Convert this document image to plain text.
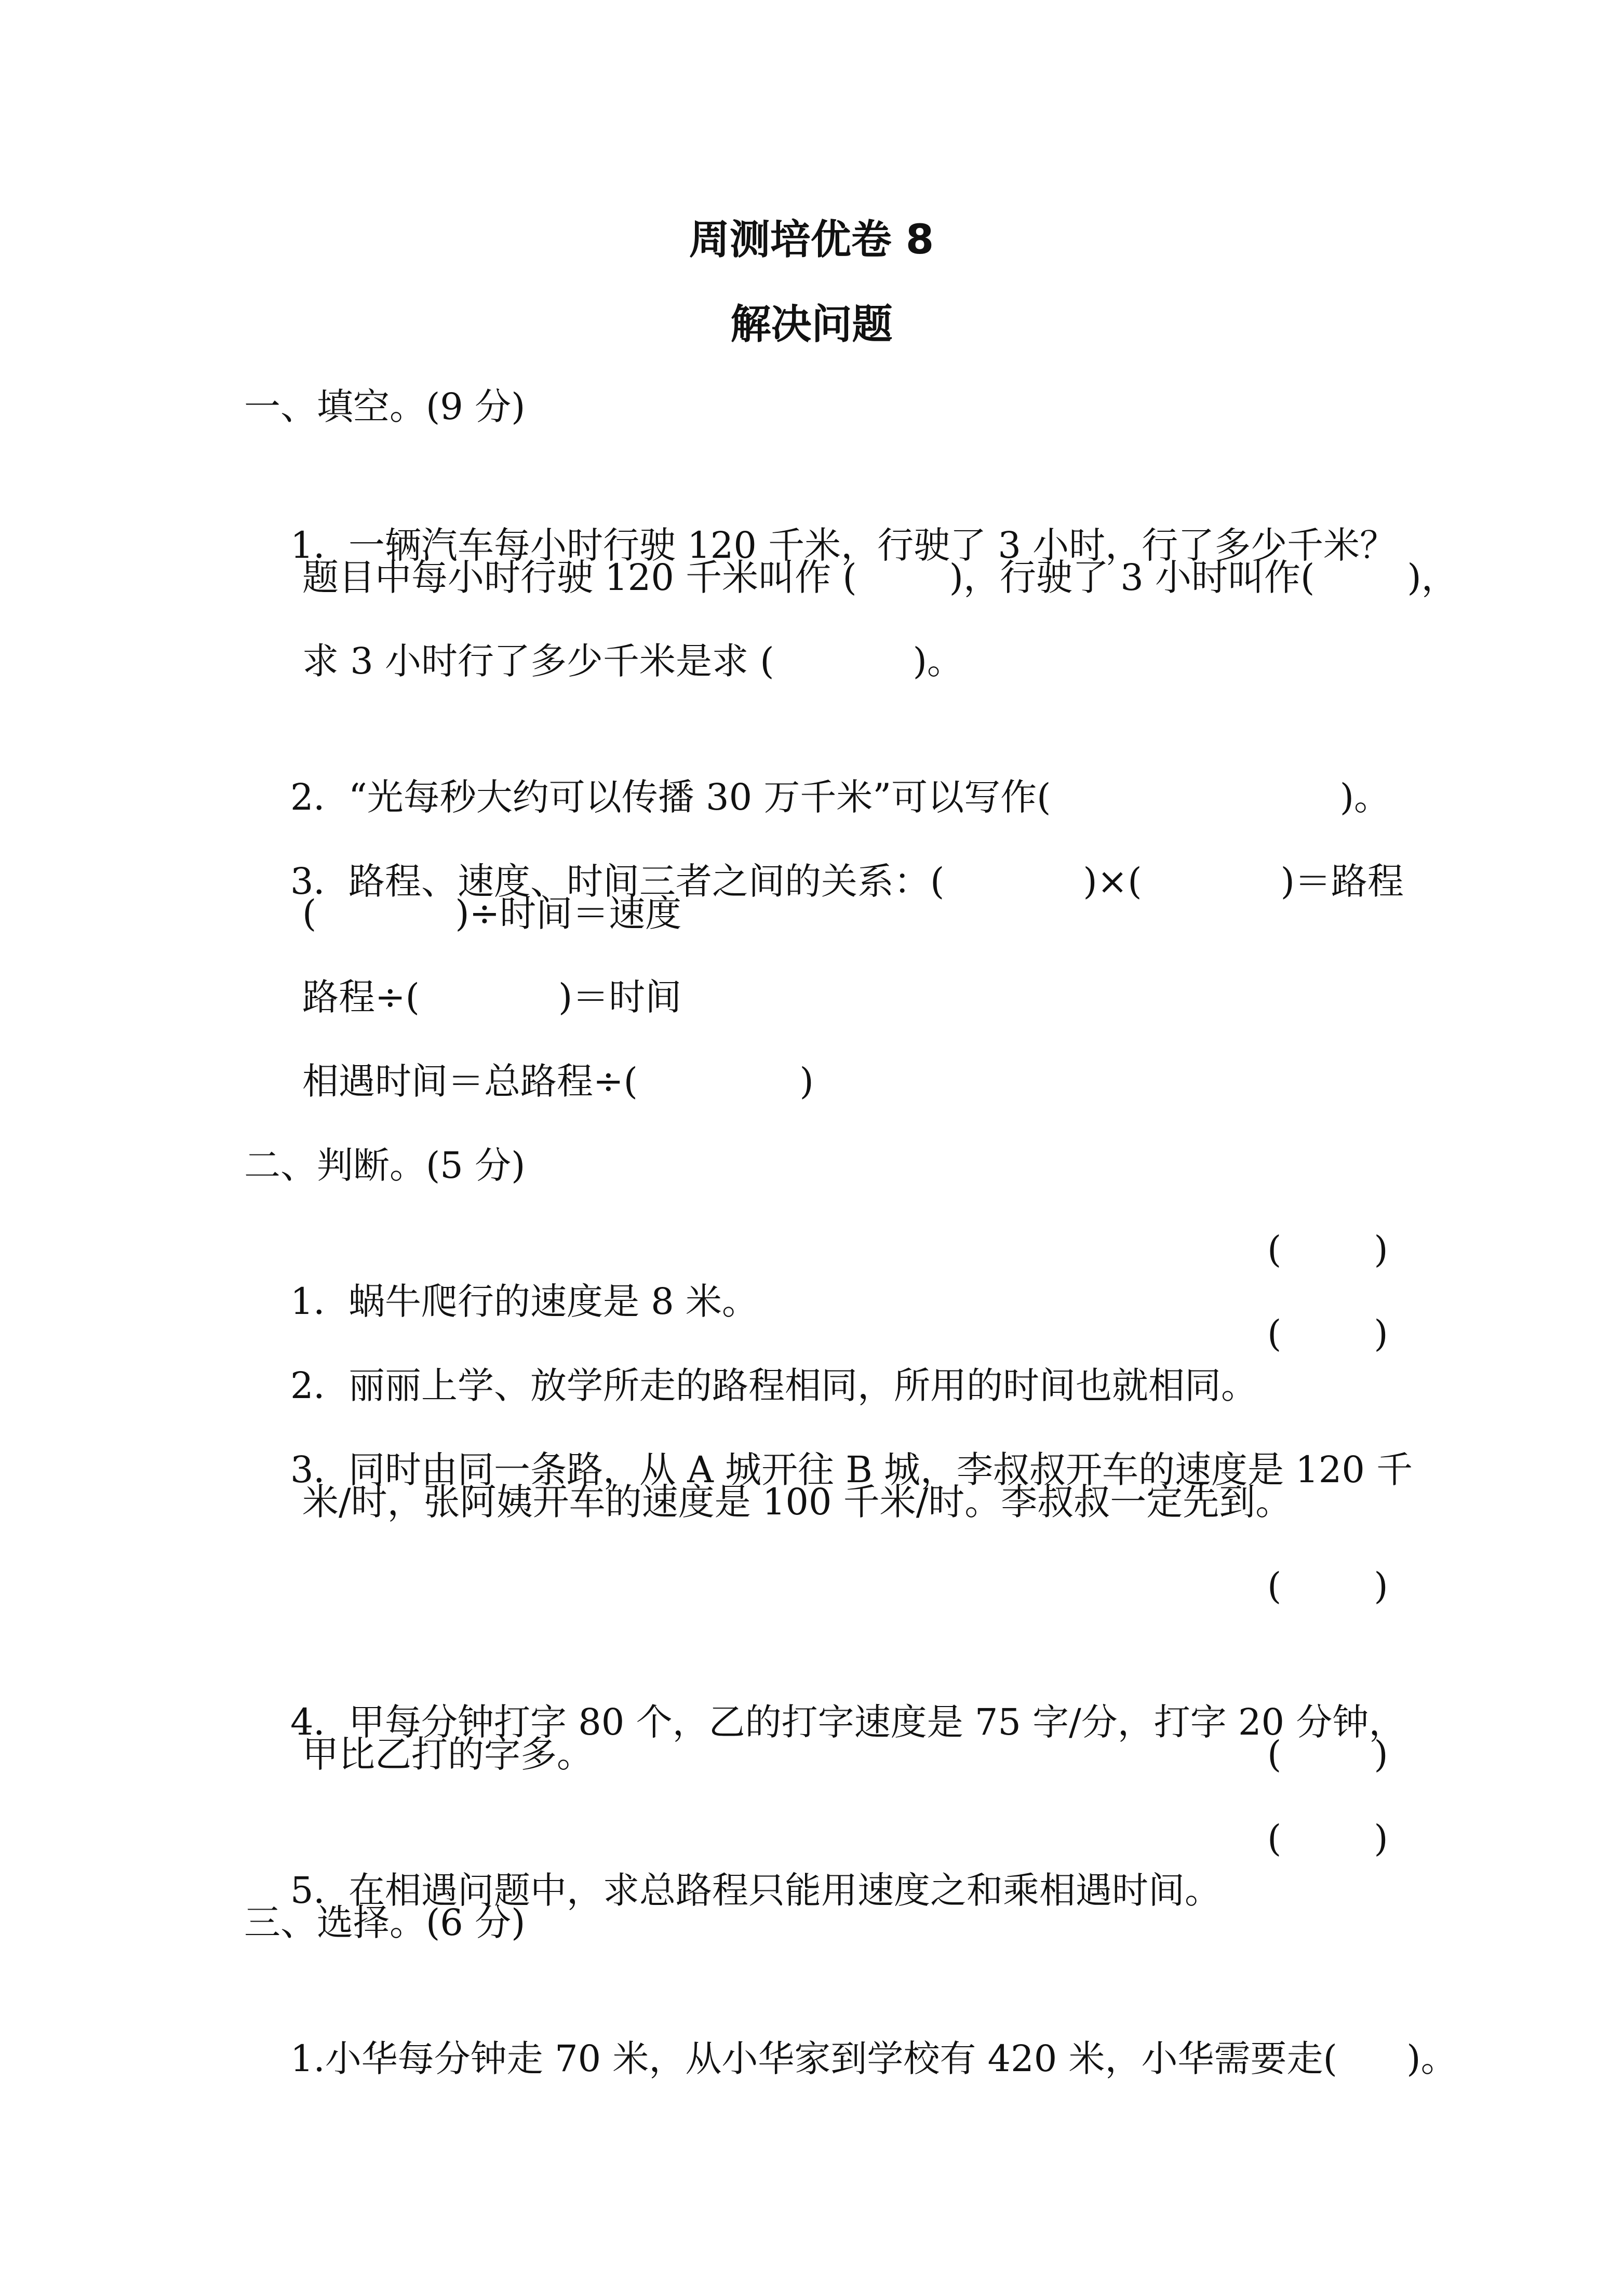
周测培优卷 8
解决问题
一、填空。(9 分)

1．一辆汽车每小时行驶 120 千米，行驶了 3 小时，行了多少千米？

题目中每小时行驶 120 千米叫作 (        )，行驶了 3 小时叫作(        )，
求 3 小时行了多少千米是求 (            )。

2．“光每秒大约可以传播 30 万千米”可以写作(                         )。

3．路程、速度、时间三者之间的关系：(            )×(            )＝路程

(            )÷时间＝速度
路程÷(            )＝时间
相遇时间＝总路程÷(              )
二、判断。(5 分)

1．蜗牛爬行的速度是 8 米。

(        )

2．丽丽上学、放学所走的路程相同，所用的时间也就相同。

(        )

3．同时由同一条路，从 A 城开往 B 城，李叔叔开车的速度是 120 千

米/时，张阿姨开车的速度是 100 千米/时。李叔叔一定先到。
(        )

4．甲每分钟打字 80 个，乙的打字速度是 75 字/分，打字 20 分钟，

甲比乙打的字多。	(        )

5．在相遇问题中，求总路程只能用速度之和乘相遇时间。

(        )
三、选择。(6 分)

1.小华每分钟走 70 米，从小华家到学校有 420 米，小华需要走(      )。
